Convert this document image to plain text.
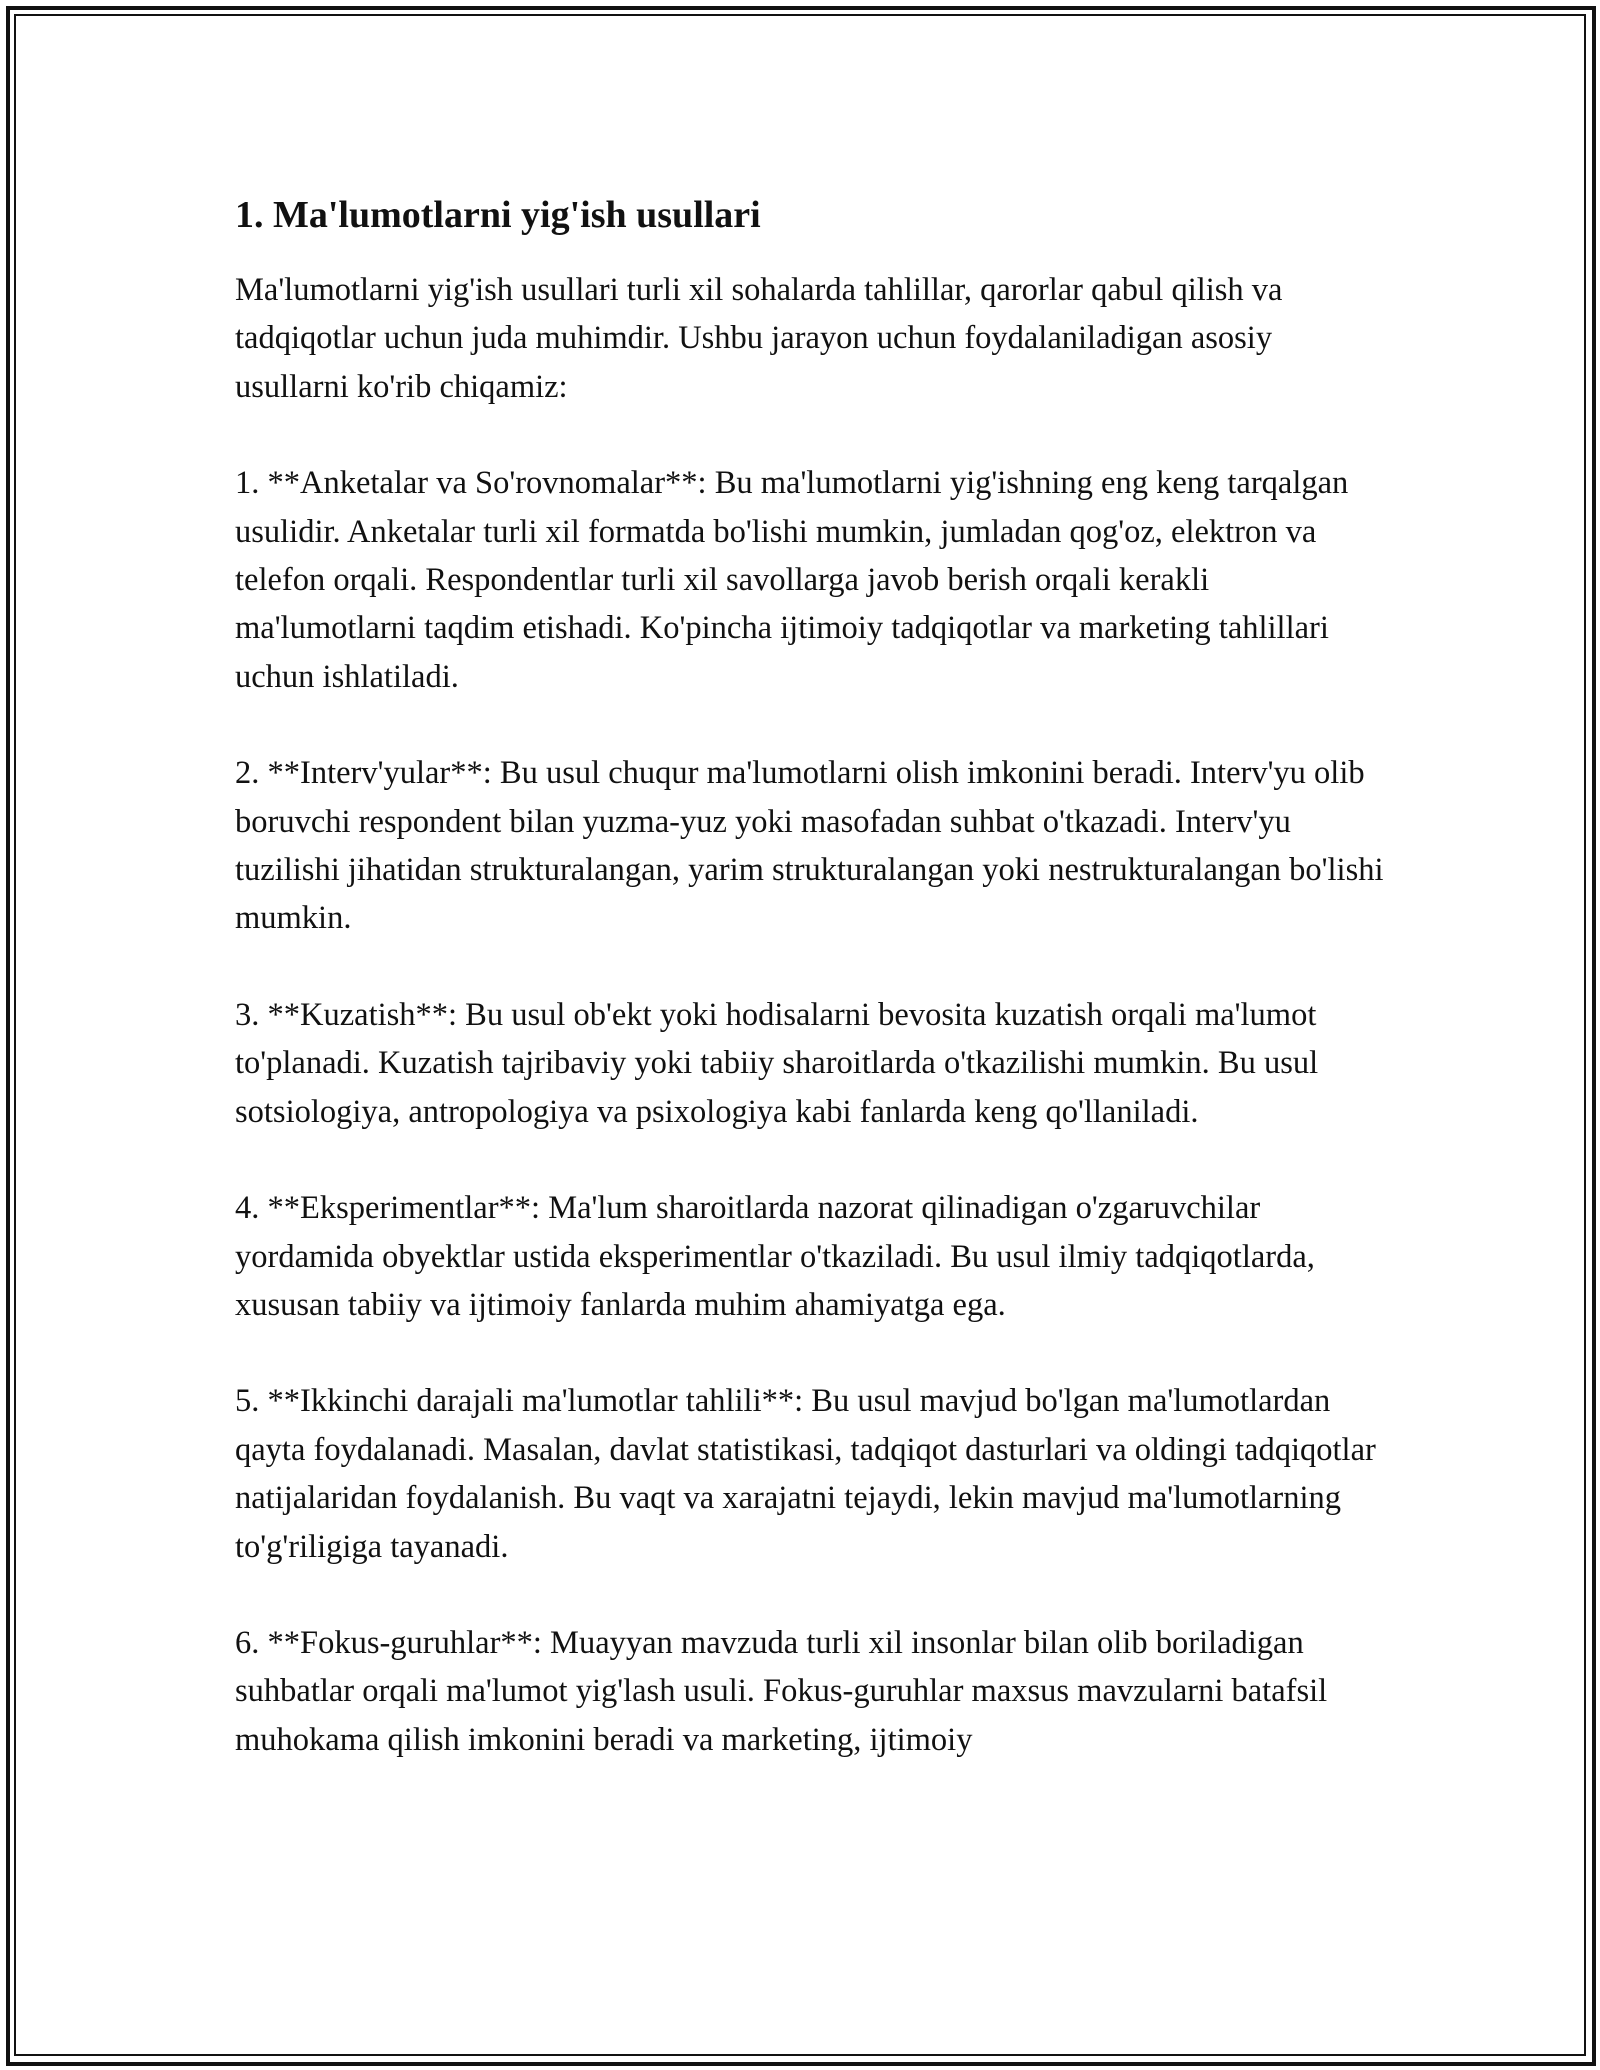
1. Ma'lumotlarni yig'ish usullari

Ma'lumotlarni yig'ish usullari turli xil sohalarda tahlillar, qarorlar qabul qilish va tadqiqotlar uchun juda muhimdir. Ushbu jarayon uchun foydalaniladigan asosiy usullarni ko'rib chiqamiz:

1. **Anketalar va So'rovnomalar**: Bu ma'lumotlarni yig'ishning eng keng tarqalgan usulidir. Anketalar turli xil formatda bo'lishi mumkin, jumladan qog'oz, elektron va telefon orqali. Respondentlar turli xil savollarga javob berish orqali kerakli ma'lumotlarni taqdim etishadi. Ko'pincha ijtimoiy tadqiqotlar va marketing tahlillari uchun ishlatiladi.

2. **Interv'yular**: Bu usul chuqur ma'lumotlarni olish imkonini beradi. Interv'yu olib boruvchi respondent bilan yuzma-yuz yoki masofadan suhbat o'tkazadi. Interv'yu tuzilishi jihatidan strukturalangan, yarim strukturalangan yoki nestrukturalangan bo'lishi mumkin.

3. **Kuzatish**: Bu usul ob'ekt yoki hodisalarni bevosita kuzatish orqali ma'lumot to'planadi. Kuzatish tajribaviy yoki tabiiy sharoitlarda o'tkazilishi mumkin. Bu usul sotsiologiya, antropologiya va psixologiya kabi fanlarda keng qo'llaniladi.

4. **Eksperimentlar**: Ma'lum sharoitlarda nazorat qilinadigan o'zgaruvchilar yordamida obyektlar ustida eksperimentlar o'tkaziladi. Bu usul ilmiy tadqiqotlarda, xususan tabiiy va ijtimoiy fanlarda muhim ahamiyatga ega.

5. **Ikkinchi darajali ma'lumotlar tahlili**: Bu usul mavjud bo'lgan ma'lumotlardan qayta foydalanadi. Masalan, davlat statistikasi, tadqiqot dasturlari va oldingi tadqiqotlar natijalaridan foydalanish. Bu vaqt va xarajatni tejaydi, lekin mavjud ma'lumotlarning to'g'riligiga tayanadi.

6. **Fokus-guruhlar**: Muayyan mavzuda turli xil insonlar bilan olib boriladigan suhbatlar orqali ma'lumot yig'lash usuli. Fokus-guruhlar maxsus mavzularni batafsil muhokama qilish imkonini beradi va marketing, ijtimoiy
